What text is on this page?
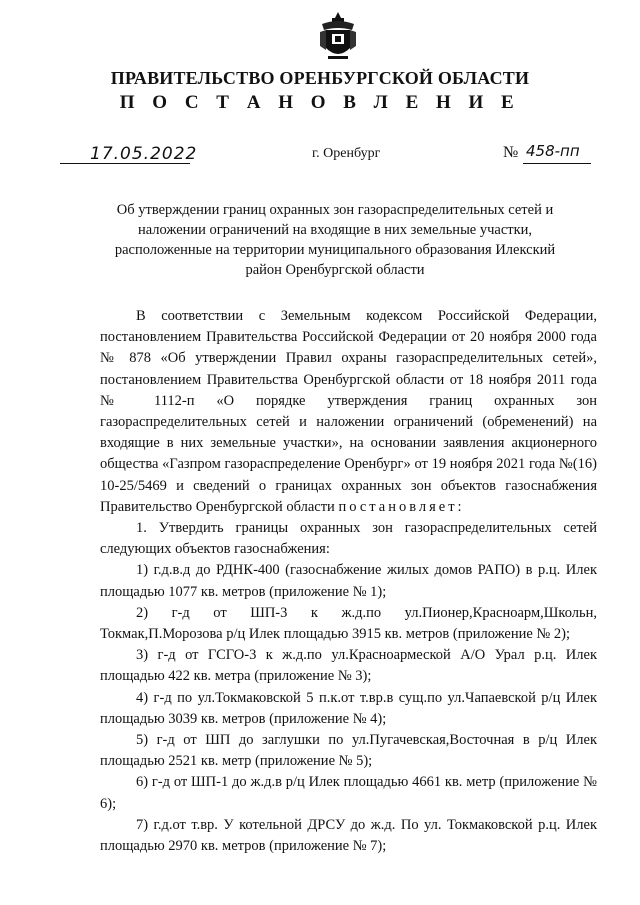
ПРАВИТЕЛЬСТВО ОРЕНБУРГСКОЙ ОБЛАСТИ
П О С Т А Н О В Л Е Н И Е
17.05.2022	г. Оренбург	№ 458-пп
Об утверждении границ охранных зон газораспределительных сетей и наложении ограничений на входящие в них земельные участки, расположенные на территории муниципального образования Илекский район Оренбургской области

В соответствии с Земельным кодексом Российской Федерации, постановлением Правительства Российской Федерации от 20 ноября 2000 года № 878 «Об утверждении Правил охраны газораспределительных сетей», постановлением Правительства Оренбургской области от 18 ноября 2011 года № 1112-п «О порядке утверждения границ охранных зон газораспределительных сетей и наложении ограничений (обременений) на входящие в них земельные участки», на основании заявления акционерного общества «Газпром газораспределение Оренбург» от 19 ноября 2021 года №(16) 10-25/5469 и сведений о границах охранных зон объектов газоснабжения Правительство Оренбургской области постановляет:

1. Утвердить границы охранных зон газораспределительных сетей следующих объектов газоснабжения:

1) г.д.в.д до РДНК-400 (газоснабжение жилых домов РАПО) в р.ц. Илек площадью 1077 кв. метров (приложение № 1);

2) г-д от ШП-3 к ж.д.по ул.Пионер,Красноарм,Школьн, Токмак,П.Морозова р/ц Илек площадью 3915 кв. метров (приложение № 2);

3) г-д от ГСГО-3 к ж.д.по ул.Красноармеской А/О Урал р.ц. Илек площадью 422 кв. метра (приложение № 3);

4) г-д по ул.Токмаковской 5 п.к.от т.вр.в сущ.по ул.Чапаевской р/ц Илек площадью 3039 кв. метров (приложение № 4);

5) г-д от ШП до заглушки по ул.Пугачевская,Восточная в р/ц Илек площадью 2521 кв. метр (приложение № 5);

6) г-д от ШП-1 до ж.д.в р/ц Илек площадью 4661 кв. метр (приложение № 6);

7) г.д.от т.вр. У котельной ДРСУ до ж.д. По ул. Токмаковской р.ц. Илек площадью 2970 кв. метров (приложение № 7);
